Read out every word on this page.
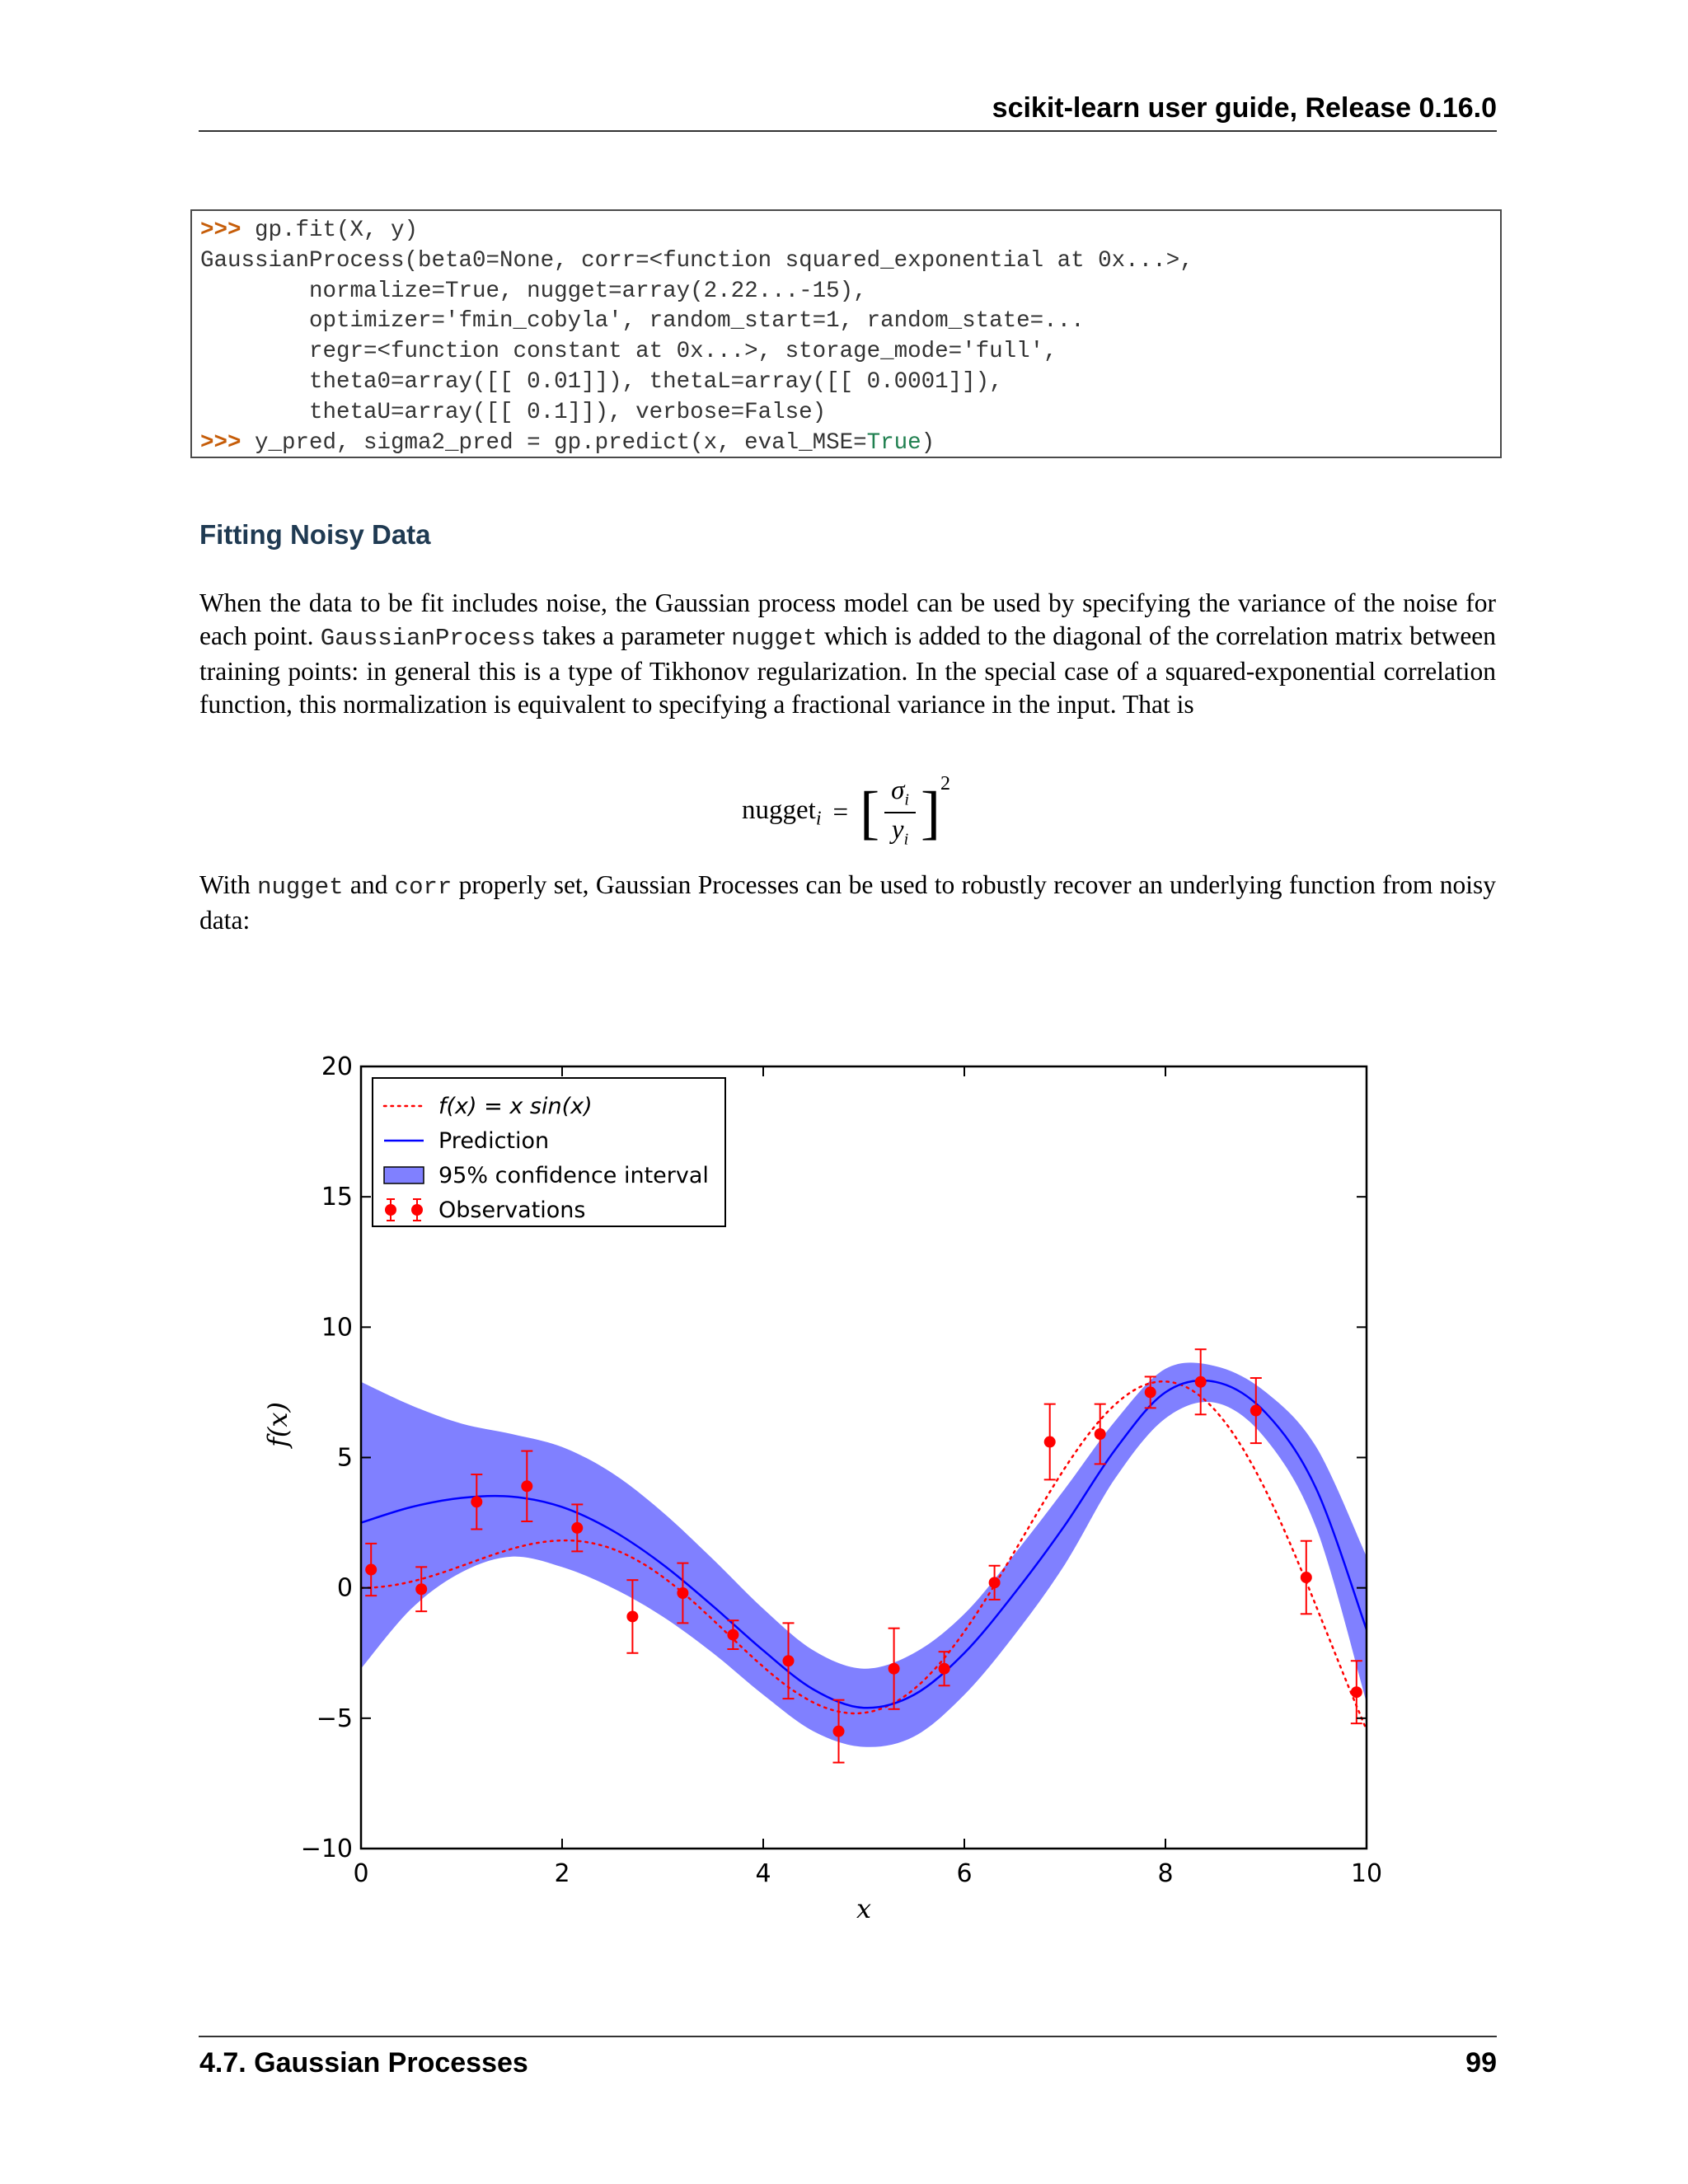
scikit-learn user guide, Release 0.16.0
>>> gp.fit(X, y)
GaussianProcess(beta0=None, corr=<function squared_exponential at 0x...>,
normalize=True, nugget=array(2.22...-15),
optimizer='fmin_cobyla', random_start=1, random_state=...
regr=<function constant at 0x...>, storage_mode='full',
theta0=array([[ 0.01]]), thetaL=array([[ 0.0001]]),
thetaU=array([[ 0.1]]), verbose=False)
>>> y_pred, sigma2_pred = gp.predict(x, eval_MSE=True)
Fitting Noisy Data
When the data to be fit includes noise, the Gaussian process model can be used by specifying the variance of the noise for each point. GaussianProcess takes a parameter nugget which is added to the diagonal of the correlation matrix between training points: in general this is a type of Tikhonov regularization. In the special case of a squared-exponential correlation function, this normalization is equivalent to specifying a fractional variance in the input. That is
nugget$_i$ = [ $\frac{\sigma_i}{y_i}$ ] 2
With nugget and corr properly set, Gaussian Processes can be used to robustly recover an underlying function from noisy data:
0	2	4	6	8	10
−10
−5
0
5
10
15
20
x
f(x)
f(x) = x sin(x)
Prediction
95% confidence interval
Observations
4.7. Gaussian Processes	99
